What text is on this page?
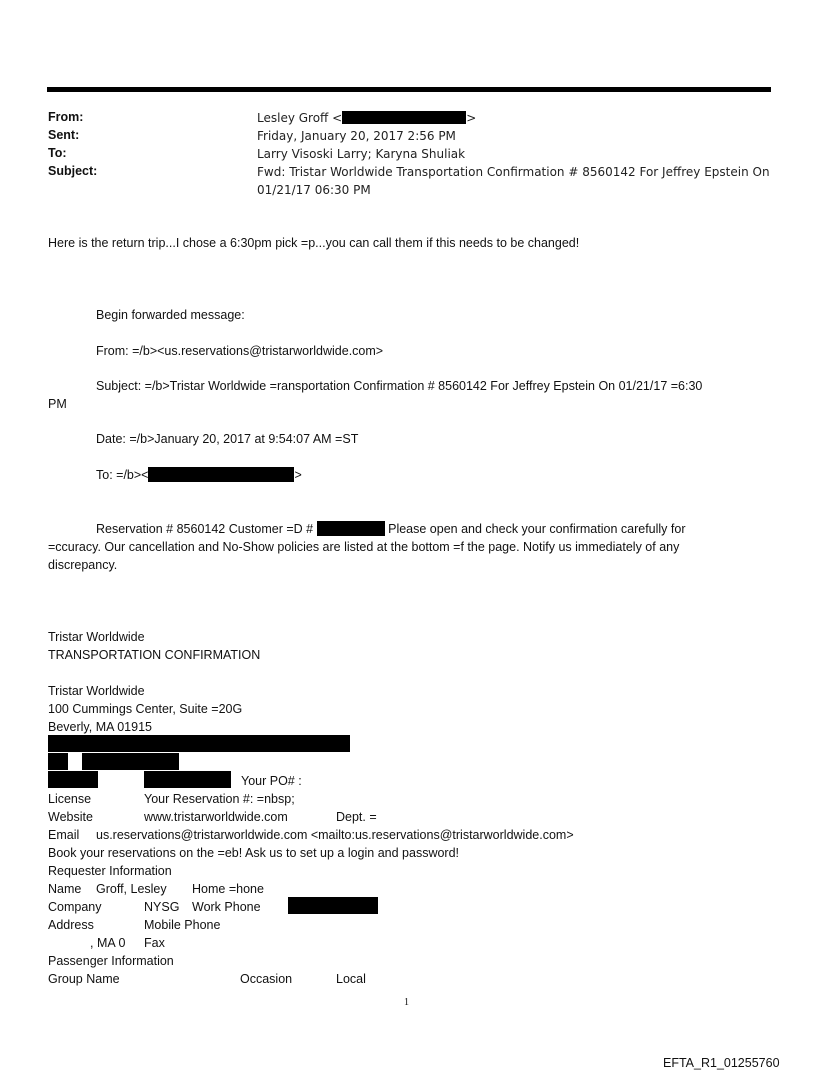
From:	Lesley Groff <	>
Sent:	Friday, January 20, 2017 2:56 PM
To:	Larry Visoski Larry; Karyna Shuliak
Subject:	Fwd: Tristar Worldwide Transportation Confirmation # 8560142 For Jeffrey Epstein On 01/21/17 06:30 PM
Here is the return trip...I chose a 6:30pm pick =p...you can call them if this needs to be changed!
Begin forwarded message:
From: =/b><us.reservations@tristarworldwide.com>
Subject: =/b>Tristar Worldwide =ransportation Confirmation # 8560142 For Jeffrey Epstein On 01/21/17 =6:30
PM
Date: =/b>January 20, 2017 at 9:54:07 AM =ST
To: =/b><	>
Reservation # 8560142 Customer =D #	Please open and check your confirmation carefully for
=ccuracy. Our cancellation and No-Show policies are listed at the bottom =f the page. Notify us immediately of any discrepancy.
Tristar Worldwide
TRANSPORTATION CONFIRMATION
Tristar Worldwide
100 Cummings Center, Suite =20G
Beverly, MA 01915
Your PO# :
License	Your Reservation #: =nbsp;
Website	www.tristarworldwide.com	Dept. =
Email us.reservations@tristarworldwide.com <mailto:us.reservations@tristarworldwide.com>
Book your reservations on the =eb! Ask us to set up a login and password!
Requester Information
Name Groff, Lesley Home =hone
Company	NYSG Work Phone
Address	Mobile Phone
, MA 0 Fax
Passenger Information
Group Name	Occasion	Local
1
EFTA_R1_01255760
